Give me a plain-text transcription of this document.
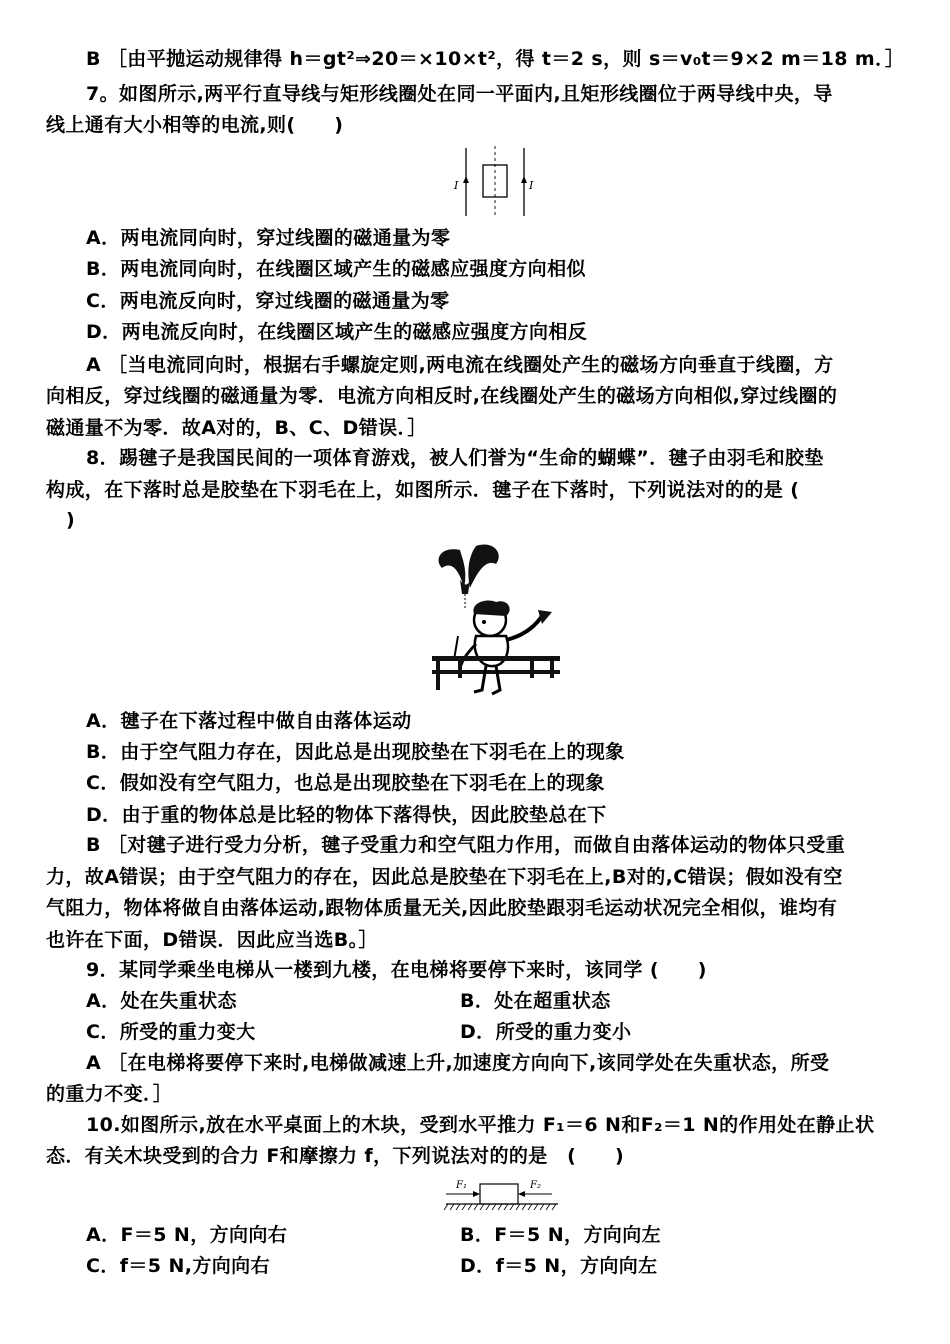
B ［由平抛运动规律得 h＝gt²⇒20＝×10×t²，得 t＝2 s，则 s＝v₀t＝9×2 m＝18 m．］
7。如图所示,两平行直导线与矩形线圈处在同一平面内,且矩形线圈位于两导线中央，导
线上通有大小相等的电流,则(　　)
I	I
A．两电流同向时，穿过线圈的磁通量为零
B．两电流同向时，在线圈区域产生的磁感应强度方向相似
C．两电流反向时，穿过线圈的磁通量为零
D．两电流反向时，在线圈区域产生的磁感应强度方向相反
A ［当电流同向时，根据右手螺旋定则,两电流在线圈处产生的磁场方向垂直于线圈，方
向相反，穿过线圈的磁通量为零．电流方向相反时,在线圈处产生的磁场方向相似,穿过线圈的
磁通量不为零．故A对的，B、C、D错误．］
8．踢毽子是我国民间的一项体育游戏，被人们誉为“生命的蝴蝶”．毽子由羽毛和胶垫
构成，在下落时总是胶垫在下羽毛在上，如图所示．毽子在下落时，下列说法对的的是 (
)
A．毽子在下落过程中做自由落体运动
B．由于空气阻力存在，因此总是出现胶垫在下羽毛在上的现象
C．假如没有空气阻力，也总是出现胶垫在下羽毛在上的现象
D．由于重的物体总是比轻的物体下落得快，因此胶垫总在下
B ［对毽子进行受力分析，毽子受重力和空气阻力作用，而做自由落体运动的物体只受重
力，故A错误；由于空气阻力的存在，因此总是胶垫在下羽毛在上,B对的,C错误；假如没有空
气阻力，物体将做自由落体运动,跟物体质量无关,因此胶垫跟羽毛运动状况完全相似，谁均有
也许在下面，D错误．因此应当选B。］
9．某同学乘坐电梯从一楼到九楼，在电梯将要停下来时，该同学 (　　)
A．处在失重状态	B．处在超重状态
C．所受的重力变大	D．所受的重力变小
A ［在电梯将要停下来时,电梯做减速上升,加速度方向向下,该同学处在失重状态，所受
的重力不变．］
10.如图所示,放在水平桌面上的木块，受到水平推力 F₁＝6 N和F₂＝1 N的作用处在静止状
态．有关木块受到的合力 F和摩擦力 f，下列说法对的的是　(　　)
F₁	F₂
A．F＝5 N，方向向右	B．F＝5 N，方向向左
C．f＝5 N,方向向右	D．f＝5 N，方向向左
